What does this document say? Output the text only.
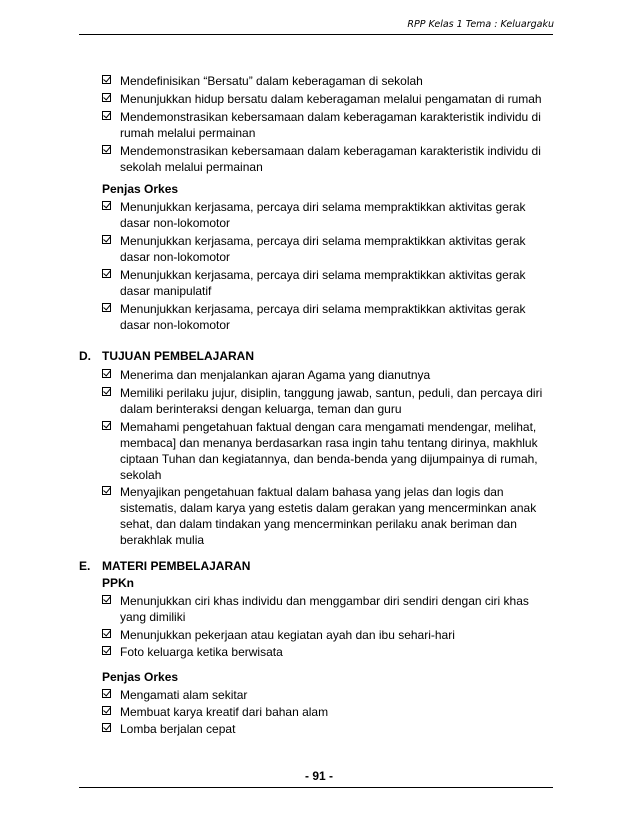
RPP Kelas 1 Tema : Keluargaku
Mendefinisikan “Bersatu” dalam keberagaman di sekolah
Menunjukkan hidup bersatu dalam keberagaman melalui pengamatan di rumah
Mendemonstrasikan kebersamaan dalam keberagaman karakteristik individu di
rumah melalui permainan
Mendemonstrasikan kebersamaan dalam keberagaman karakteristik individu di
sekolah melalui permainan
Penjas Orkes
Menunjukkan kerjasama, percaya diri selama mempraktikkan aktivitas gerak
dasar non-lokomotor
Menunjukkan kerjasama, percaya diri selama mempraktikkan aktivitas gerak
dasar non-lokomotor
Menunjukkan kerjasama, percaya diri selama mempraktikkan aktivitas gerak
dasar manipulatif
Menunjukkan kerjasama, percaya diri selama mempraktikkan aktivitas gerak
dasar non-lokomotor
D. TUJUAN PEMBELAJARAN
Menerima dan menjalankan ajaran Agama yang dianutnya
Memiliki perilaku jujur, disiplin, tanggung jawab, santun, peduli, dan percaya diri
dalam berinteraksi dengan keluarga, teman dan guru
Memahami pengetahuan faktual dengan cara mengamati mendengar, melihat,
membaca] dan menanya berdasarkan rasa ingin tahu tentang dirinya, makhluk
ciptaan Tuhan dan kegiatannya, dan benda-benda yang dijumpainya di rumah,
sekolah
Menyajikan pengetahuan faktual dalam bahasa yang jelas dan logis dan
sistematis, dalam karya yang estetis dalam gerakan yang mencerminkan anak
sehat, dan dalam tindakan yang mencerminkan perilaku anak beriman dan
berakhlak mulia
E. MATERI PEMBELAJARAN
PPKn
Menunjukkan ciri khas individu dan menggambar diri sendiri dengan ciri khas
yang dimiliki
Menunjukkan pekerjaan atau kegiatan ayah dan ibu sehari-hari
Foto keluarga ketika berwisata
Penjas Orkes
Mengamati alam sekitar
Membuat karya kreatif dari bahan alam
Lomba berjalan cepat
- 91 -
